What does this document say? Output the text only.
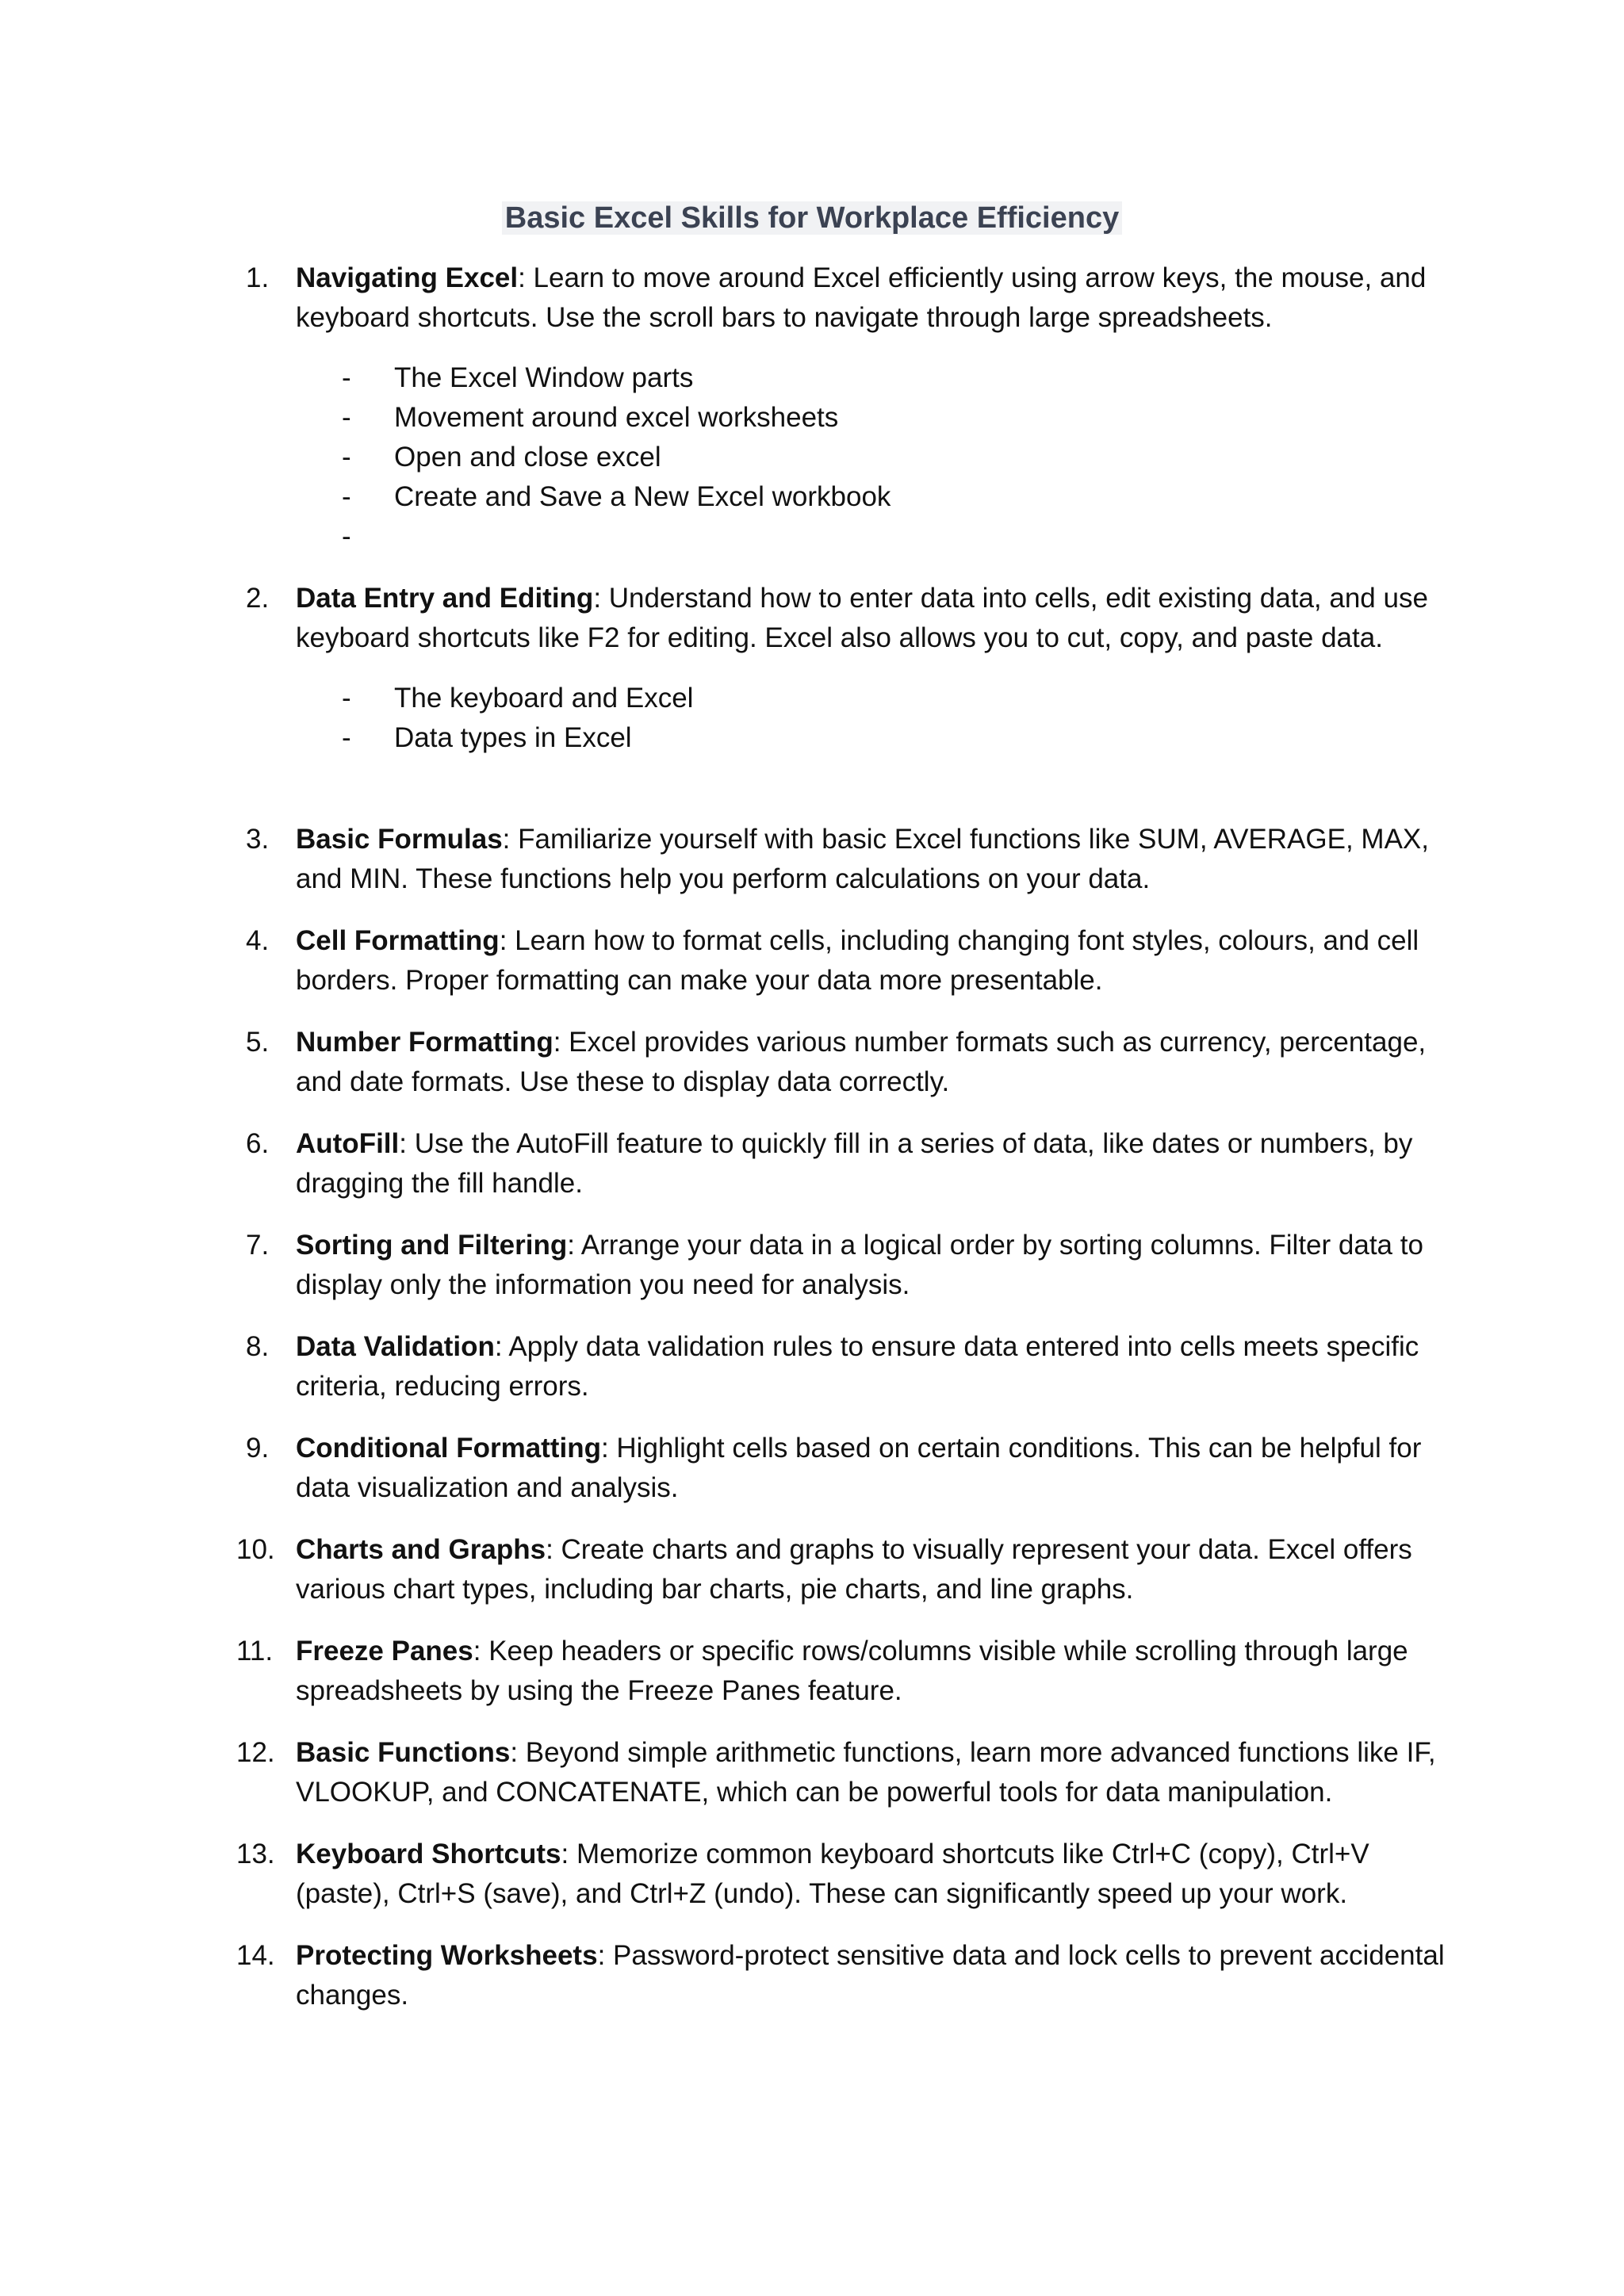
Basic Excel Skills for Workplace Efficiency
1. Navigating Excel: Learn to move around Excel efficiently using arrow keys, the mouse, and keyboard shortcuts. Use the scroll bars to navigate through large spreadsheets.
- The Excel Window parts
- Movement around excel worksheets
- Open and close excel
- Create and Save a New Excel workbook
-
2. Data Entry and Editing: Understand how to enter data into cells, edit existing data, and use keyboard shortcuts like F2 for editing. Excel also allows you to cut, copy, and paste data.
- The keyboard and Excel
- Data types in Excel
3. Basic Formulas: Familiarize yourself with basic Excel functions like SUM, AVERAGE, MAX, and MIN. These functions help you perform calculations on your data.
4. Cell Formatting: Learn how to format cells, including changing font styles, colours, and cell borders. Proper formatting can make your data more presentable.
5. Number Formatting: Excel provides various number formats such as currency, percentage, and date formats. Use these to display data correctly.
6. AutoFill: Use the AutoFill feature to quickly fill in a series of data, like dates or numbers, by dragging the fill handle.
7. Sorting and Filtering: Arrange your data in a logical order by sorting columns. Filter data to display only the information you need for analysis.
8. Data Validation: Apply data validation rules to ensure data entered into cells meets specific criteria, reducing errors.
9. Conditional Formatting: Highlight cells based on certain conditions. This can be helpful for data visualization and analysis.
10. Charts and Graphs: Create charts and graphs to visually represent your data. Excel offers various chart types, including bar charts, pie charts, and line graphs.
11. Freeze Panes: Keep headers or specific rows/columns visible while scrolling through large spreadsheets by using the Freeze Panes feature.
12. Basic Functions: Beyond simple arithmetic functions, learn more advanced functions like IF, VLOOKUP, and CONCATENATE, which can be powerful tools for data manipulation.
13. Keyboard Shortcuts: Memorize common keyboard shortcuts like Ctrl+C (copy), Ctrl+V (paste), Ctrl+S (save), and Ctrl+Z (undo). These can significantly speed up your work.
14. Protecting Worksheets: Password-protect sensitive data and lock cells to prevent accidental changes.
